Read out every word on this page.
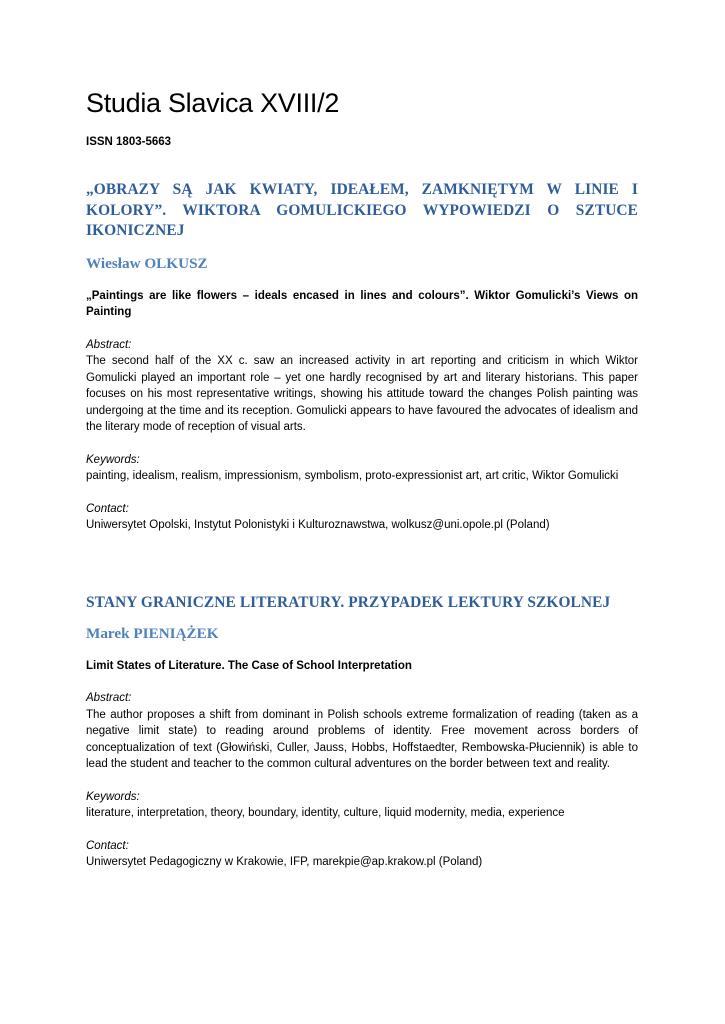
Studia Slavica XVIII/2
ISSN 1803-5663

„OBRAZY SĄ JAK KWIATY, IDEAŁEM, ZAMKNIĘTYM W LINIE I KOLORY”. WIKTORA GOMULICKIEGO WYPOWIEDZI O SZTUCE IKONICZNEJ

Wiesław OLKUSZ

„Paintings are like flowers – ideals encased in lines and colours”. Wiktor Gomulicki’s Views on Painting

Abstract:

The second half of the XX c. saw an increased activity in art reporting and criticism in which Wiktor Gomulicki played an important role – yet one hardly recognised by art and literary historians. This paper focuses on his most representative writings, showing his attitude toward the changes Polish painting was undergoing at the time and its reception. Gomulicki appears to have favoured the advocates of idealism and the literary mode of reception of visual arts.

Keywords:

painting, idealism, realism, impressionism, symbolism, proto-expressionist art, art critic, Wiktor Gomulicki

Contact:

Uniwersytet Opolski, Instytut Polonistyki i Kulturoznawstwa, wolkusz@uni.opole.pl (Poland)

STANY GRANICZNE LITERATURY. PRZYPADEK LEKTURY SZKOLNEJ

Marek PIENIĄŻEK

Limit States of Literature. The Case of School Interpretation

Abstract:

The author proposes a shift from dominant in Polish schools extreme formalization of reading (taken as a negative limit state) to reading around problems of identity. Free movement across borders of conceptualization of text (Głowiński, Culler, Jauss, Hobbs, Hoffstaedter, Rembowska-Płuciennik) is able to lead the student and teacher to the common cultural adventures on the border between text and reality.

Keywords:

literature, interpretation, theory, boundary, identity, culture, liquid modernity, media, experience

Contact:

Uniwersytet Pedagogiczny w Krakowie, IFP, marekpie@ap.krakow.pl (Poland)
